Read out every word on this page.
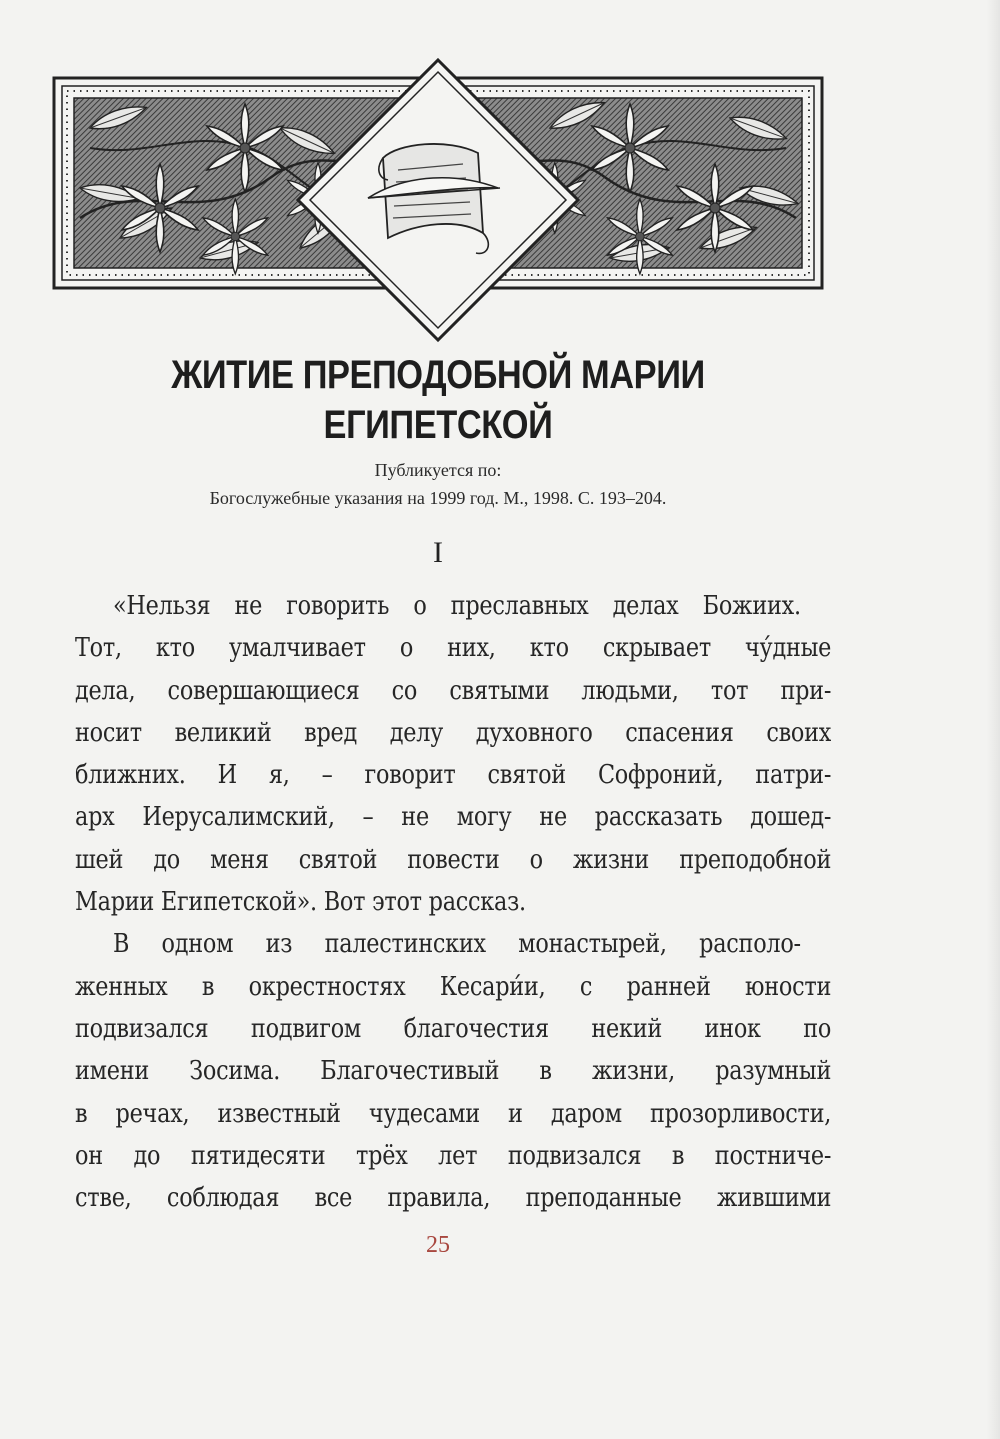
ЖИТИЕ ПРЕПОДОБНОЙ МАРИИ
ЕГИПЕТСКОЙ
Публикуется по:
Богослужебные указания на 1999 год. М., 1998. С. 193–204.
I
«Нельзя не говорить о преславных делах Божиих.
Тот, кто умалчивает о них, кто скрывает чу́дные
дела, совершающиеся со святыми людьми, тот при-
носит великий вред делу духовного спасения своих
ближних. И я, – говорит святой Софроний, патри-
арх Иерусалимский, – не могу не рассказать дошед-
шей до меня святой повести о жизни преподобной
Марии Египетской». Вот этот рассказ.
В одном из палестинских монастырей, располо-
женных в окрестностях Кесари́и, с ранней юности
подвизался подвигом благочестия некий инок по
имени Зосима. Благочестивый в жизни, разумный
в речах, известный чудесами и даром прозорливости,
он до пятидесяти трёх лет подвизался в постниче-
стве, соблюдая все правила, преподанные жившими
25
